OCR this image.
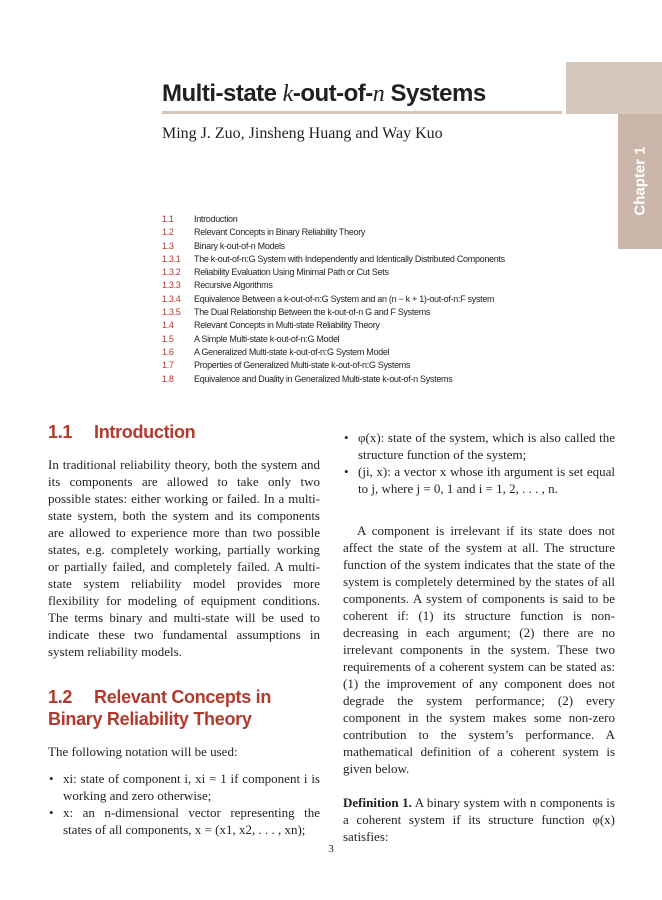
Chapter 1
Multi-state k-out-of-n Systems
Ming J. Zuo, Jinsheng Huang and Way Kuo
1.1	Introduction
1.2	Relevant Concepts in Binary Reliability Theory
1.3	Binary k-out-of-n Models
1.3.1	The k-out-of-n:G System with Independently and Identically Distributed Components
1.3.2	Reliability Evaluation Using Minimal Path or Cut Sets
1.3.3	Recursive Algorithms
1.3.4	Equivalence Between a k-out-of-n:G System and an (n − k + 1)-out-of-n:F system
1.3.5	The Dual Relationship Between the k-out-of-n G and F Systems
1.4	Relevant Concepts in Multi-state Reliability Theory
1.5	A Simple Multi-state k-out-of-n:G Model
1.6	A Generalized Multi-state k-out-of-n:G System Model
1.7	Properties of Generalized Multi-state k-out-of-n:G Systems
1.8	Equivalence and Duality in Generalized Multi-state k-out-of-n Systems
1.1 Introduction

In traditional reliability theory, both the system and its components are allowed to take only two possible states: either working or failed. In a multi-state system, both the system and its components are allowed to experience more than two possible states, e.g. completely working, partially working or partially failed, and completely failed. A multi-state system reliability model provides more flexibility for modeling of equipment conditions. The terms binary and multi-state will be used to indicate these two fundamental assumptions in system reliability models.

1.2 Relevant Concepts in Binary Reliability Theory

The following notation will be used:

• xi: state of component i, xi = 1 if component i is working and zero otherwise;
• x: an n-dimensional vector representing the states of all components, x = (x1, x2, . . . , xn);
• φ(x): state of the system, which is also called the structure function of the system;
• (ji, x): a vector x whose ith argument is set equal to j, where j = 0, 1 and i = 1, 2, . . . , n.

A component is irrelevant if its state does not affect the state of the system at all. The structure function of the system indicates that the state of the system is completely determined by the states of all components. A system of components is said to be coherent if: (1) its structure function is non-decreasing in each argument; (2) there are no irrelevant components in the system. These two requirements of a coherent system can be stated as: (1) the improvement of any component does not degrade the system performance; (2) every component in the system makes some non-zero contribution to the system’s performance. A mathematical definition of a coherent system is given below.

Definition 1. A binary system with n components is a coherent system if its structure function φ(x) satisfies:

3
